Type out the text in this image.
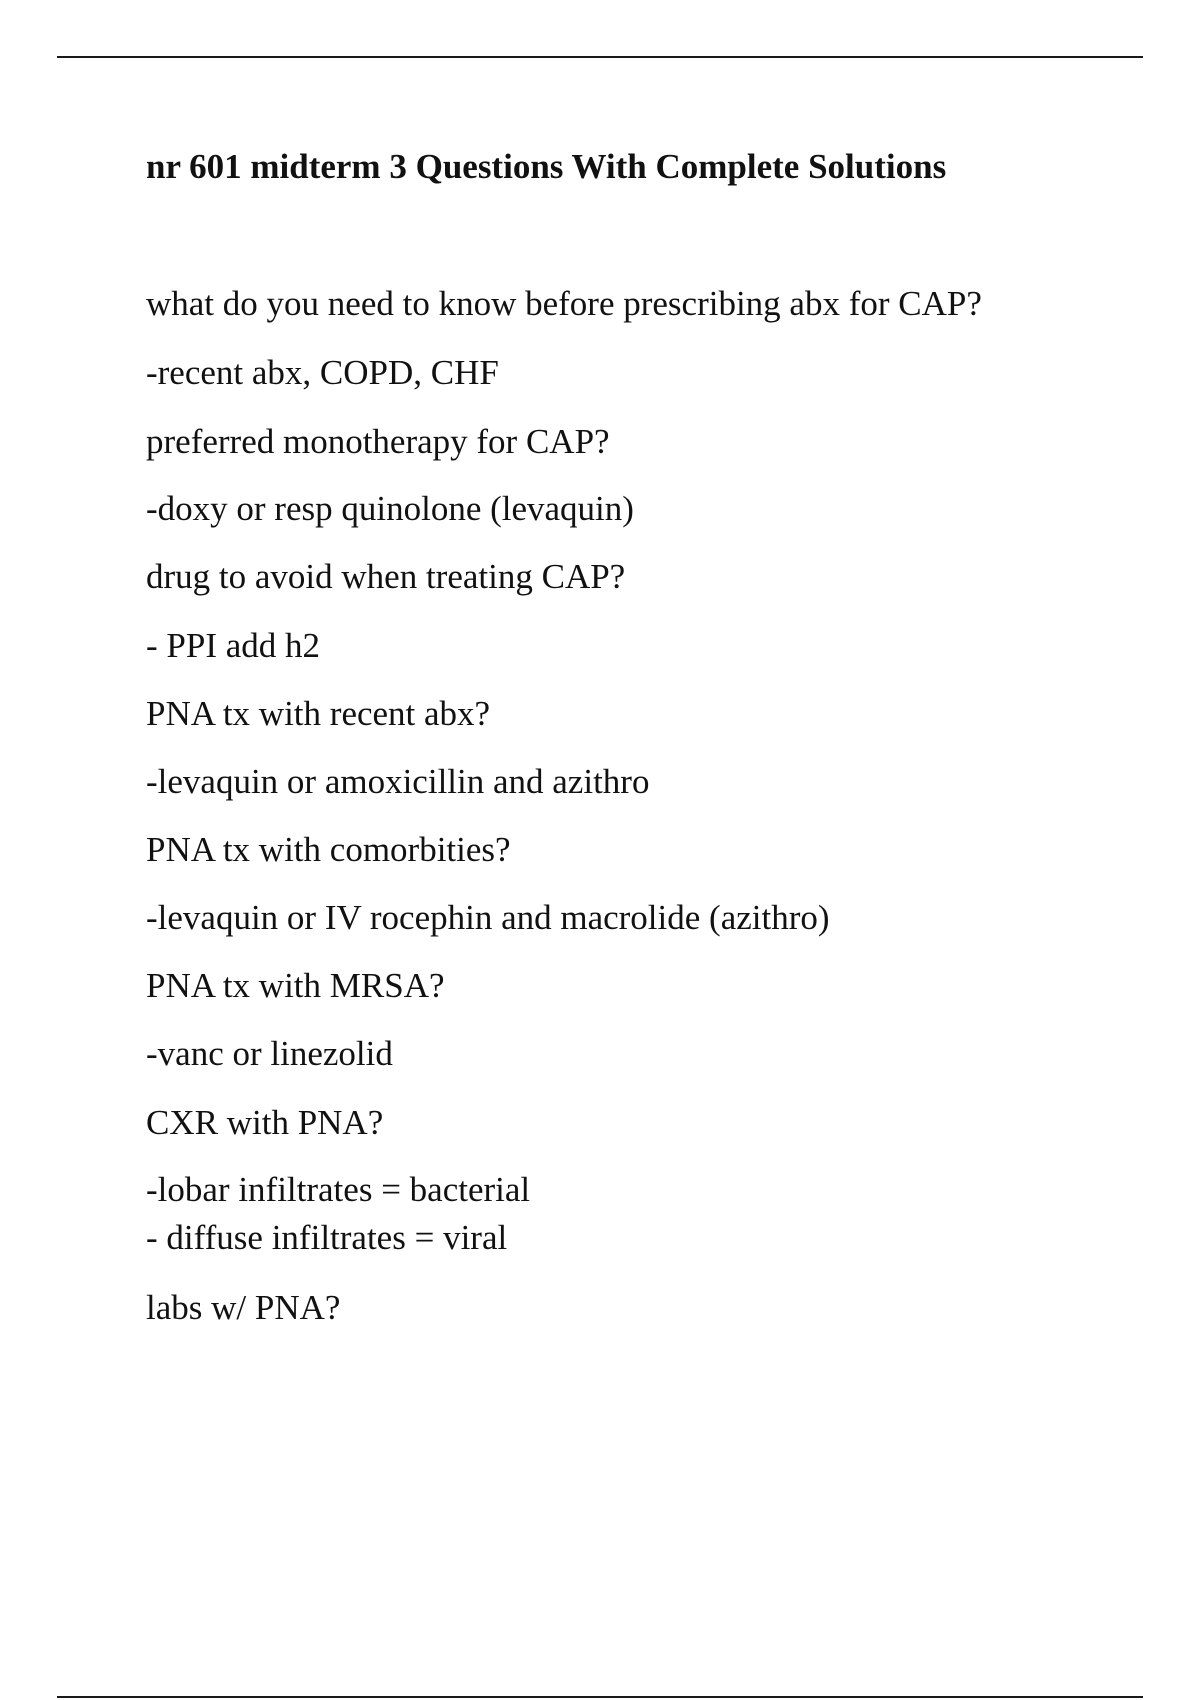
nr 601 midterm 3 Questions With Complete Solutions

what do you need to know before prescribing abx for CAP?

-recent abx, COPD, CHF

preferred monotherapy for CAP?

-doxy or resp quinolone (levaquin)

drug to avoid when treating CAP?

- PPI add h2

PNA tx with recent abx?

-levaquin or amoxicillin and azithro

PNA tx with comorbities?

-levaquin or IV rocephin and macrolide (azithro)

PNA tx with MRSA?

-vanc or linezolid

CXR with PNA?

-lobar infiltrates = bacterial

- diffuse infiltrates = viral

labs w/ PNA?
